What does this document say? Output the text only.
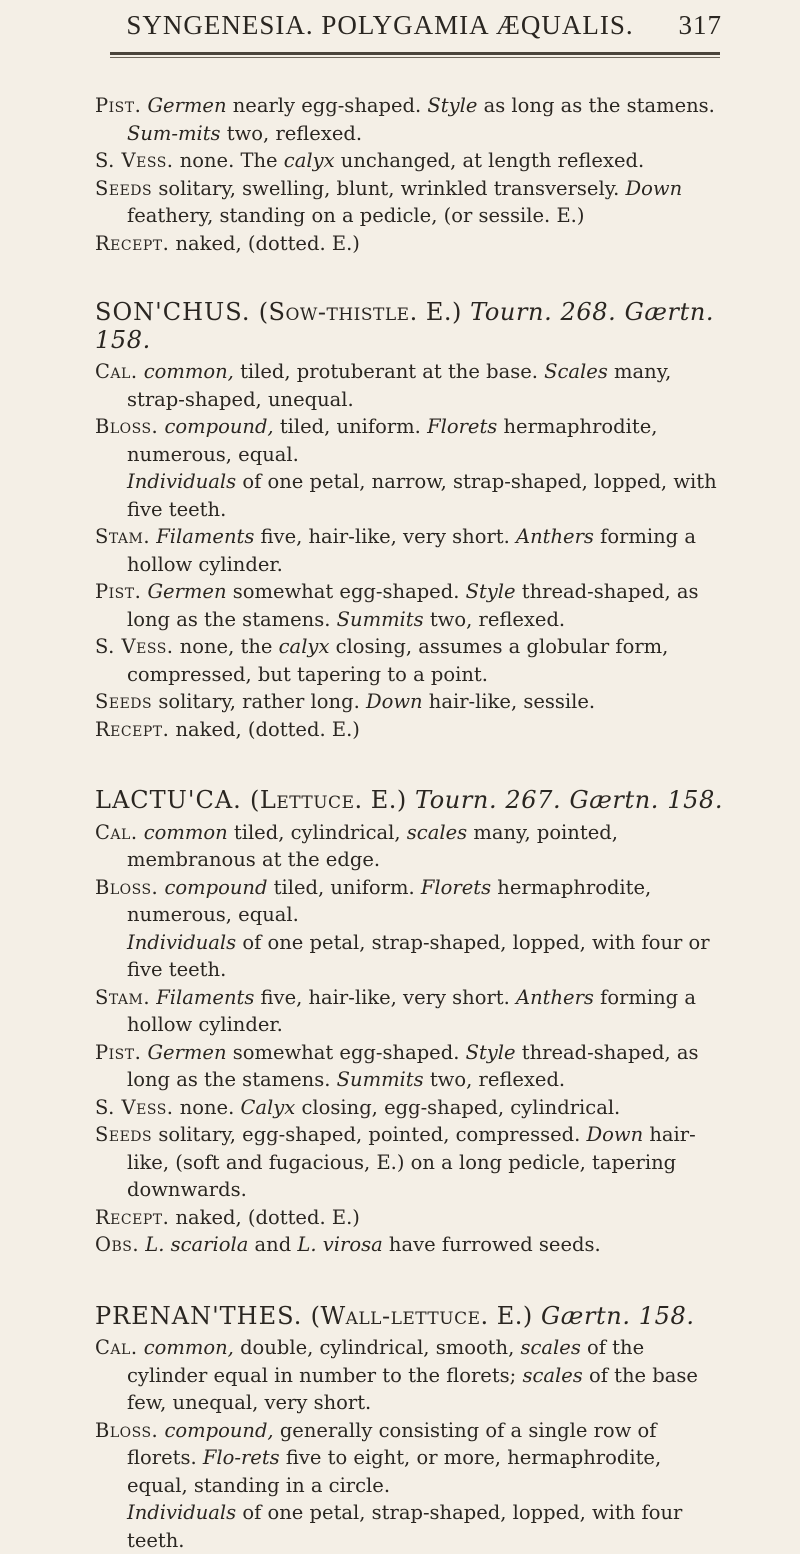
SYNGENESIA. POLYGAMIA ÆQUALIS. 317

Pist. Germen nearly egg-shaped. Style as long as the stamens. Sum-mits two, reflexed.

S. Vess. none. The calyx unchanged, at length reflexed.

Seeds solitary, swelling, blunt, wrinkled transversely. Down feathery, standing on a pedicle, (or sessile. E.)

Recept. naked, (dotted. E.)

SON'CHUS. (Sow-thistle. E.) Tourn. 268. Gærtn. 158.

Cal. common, tiled, protuberant at the base. Scales many, strap-shaped, unequal.

Bloss. compound, tiled, uniform. Florets hermaphrodite, numerous, equal.

Individuals of one petal, narrow, strap-shaped, lopped, with five teeth.

Stam. Filaments five, hair-like, very short. Anthers forming a hollow cylinder.

Pist. Germen somewhat egg-shaped. Style thread-shaped, as long as the stamens. Summits two, reflexed.

S. Vess. none, the calyx closing, assumes a globular form, compressed, but tapering to a point.

Seeds solitary, rather long. Down hair-like, sessile.

Recept. naked, (dotted. E.)

LACTU'CA. (Lettuce. E.) Tourn. 267. Gærtn. 158.

Cal. common tiled, cylindrical, scales many, pointed, membranous at the edge.

Bloss. compound tiled, uniform. Florets hermaphrodite, numerous, equal.

Individuals of one petal, strap-shaped, lopped, with four or five teeth.

Stam. Filaments five, hair-like, very short. Anthers forming a hollow cylinder.

Pist. Germen somewhat egg-shaped. Style thread-shaped, as long as the stamens. Summits two, reflexed.

S. Vess. none. Calyx closing, egg-shaped, cylindrical.

Seeds solitary, egg-shaped, pointed, compressed. Down hair-like, (soft and fugacious, E.) on a long pedicle, tapering downwards.

Recept. naked, (dotted. E.)

Obs. L. scariola and L. virosa have furrowed seeds.

PRENAN'THES. (Wall-lettuce. E.) Gærtn. 158.

Cal. common, double, cylindrical, smooth, scales of the cylinder equal in number to the florets; scales of the base few, unequal, very short.

Bloss. compound, generally consisting of a single row of florets. Flo-rets five to eight, or more, hermaphrodite, equal, standing in a circle.

Individuals of one petal, strap-shaped, lopped, with four teeth.
